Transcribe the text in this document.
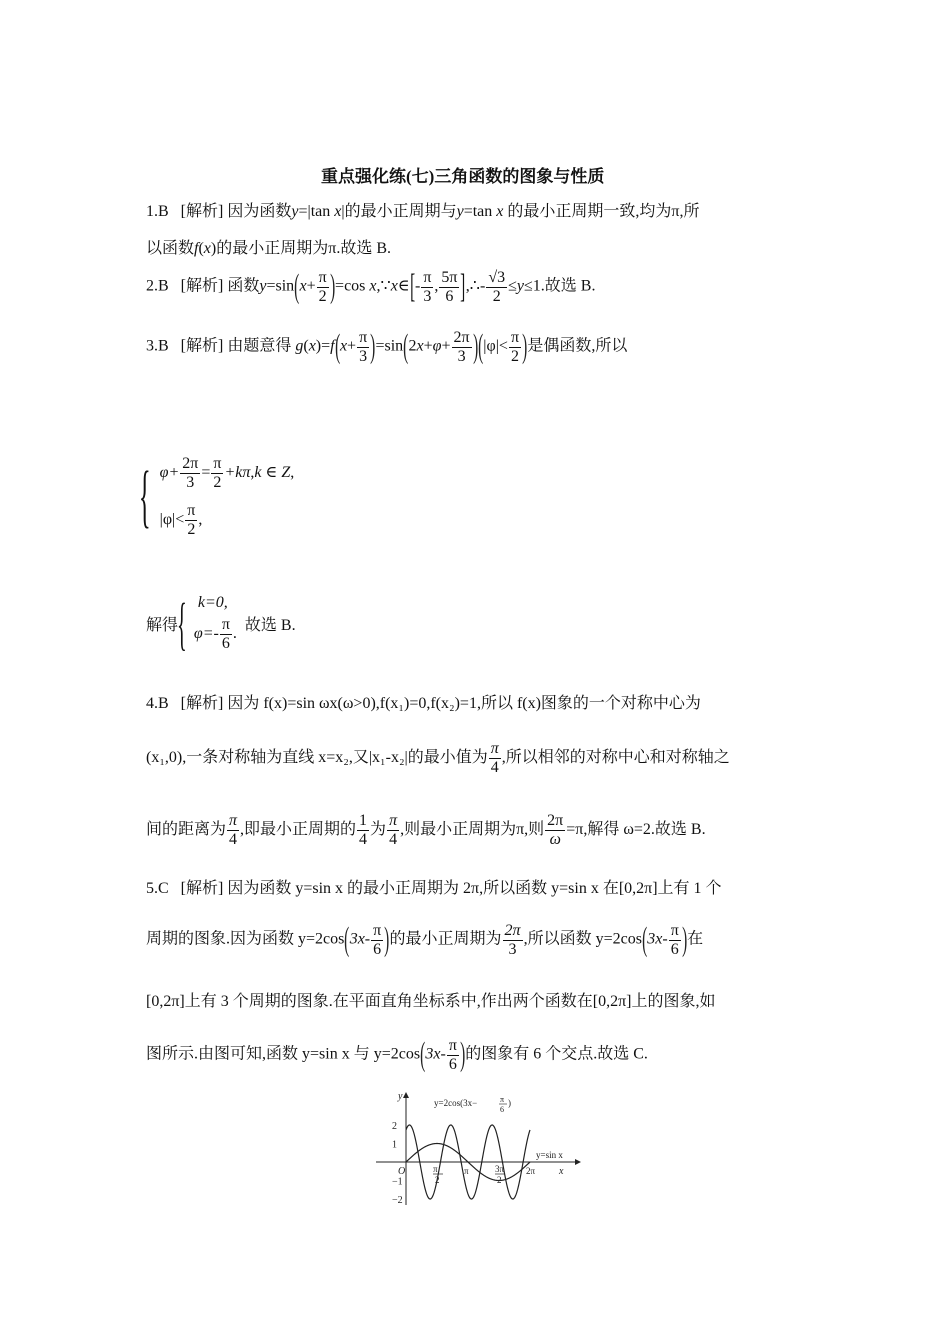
重点强化练(七)三角函数的图象与性质
1.B [解析] 因为函数y=|tan x|的最小正周期与y=tan x 的最小正周期一致,均为π,所
以函数f(x)的最小正周期为π.故选 B.
2.B [解析] 函数$y=\sin(x+ \frac{\pi}{2} )=\cos$ x,∵x∈[- $\frac{\pi}{3}$ , $\frac{5\pi}{6}$ ],∴- $\frac{√3}{2} \le y\le 1$.故选 B.
3.B [解析] 由题意得 $g(x)=f(x+ \frac{\pi}{3} )=\sin(2x+\varphi+ \frac{2\pi}{3} )(|\varphi|< \frac{\pi}{2}$ )是偶函数,所以
{ $\varphi+ \frac{2\pi}{3} = \frac{\pi}{2} +k\pi,k$ ∈ Z,
$|\varphi|< \frac{\pi}{2}$ ,
解得{ k=0,
$\varphi=- \frac{\pi}{6}$ . 故选 B.
4.B [解析] 因为 f(x)=sin ωx(ω>0),f(x₁)=0,f(x₂)=1,所以 f(x)图象的一个对称中心为
(x₁,0),一条对称轴为直线 x=x₂,又|x₁-x₂|的最小值为 $\frac{\pi}{4}$ ,所以相邻的对称中心和对称轴之
间的距离为 $\frac{\pi}{4}$ ,即最小正周期的 $\frac{1}{4}$ 为 $\frac{\pi}{4}$ ,则最小正周期为π,则 $\frac{2\pi}{\omega} =\pi$,解得 ω=2.故选 B.
5.C [解析] 因为函数 y=sin x 的最小正周期为 2π,所以函数 y=sin x 在[0,2π]上有 1 个
周期的图象.因为函数 $y=2\cos(3x- \frac{\pi}{6}$ )的最小正周期为 $\frac{2\pi}{3}$ ,所以函数 $y=2\cos(3x- \frac{\pi}{6}$ )在
[0,2π]上有 3 个周期的图象.在平面直角坐标系中,作出两个函数在[0,2π]上的图象,如
图所示.由图可知,函数 y=sin x 与 $y=2\cos(3x- \frac{\pi}{6}$ )的图象有 6 个交点.故选 C.
y
x
2
1
−1
−2
O	π
2
π	3π
2
2π
y=2cos(3x−	π
6
)
y=sin x
